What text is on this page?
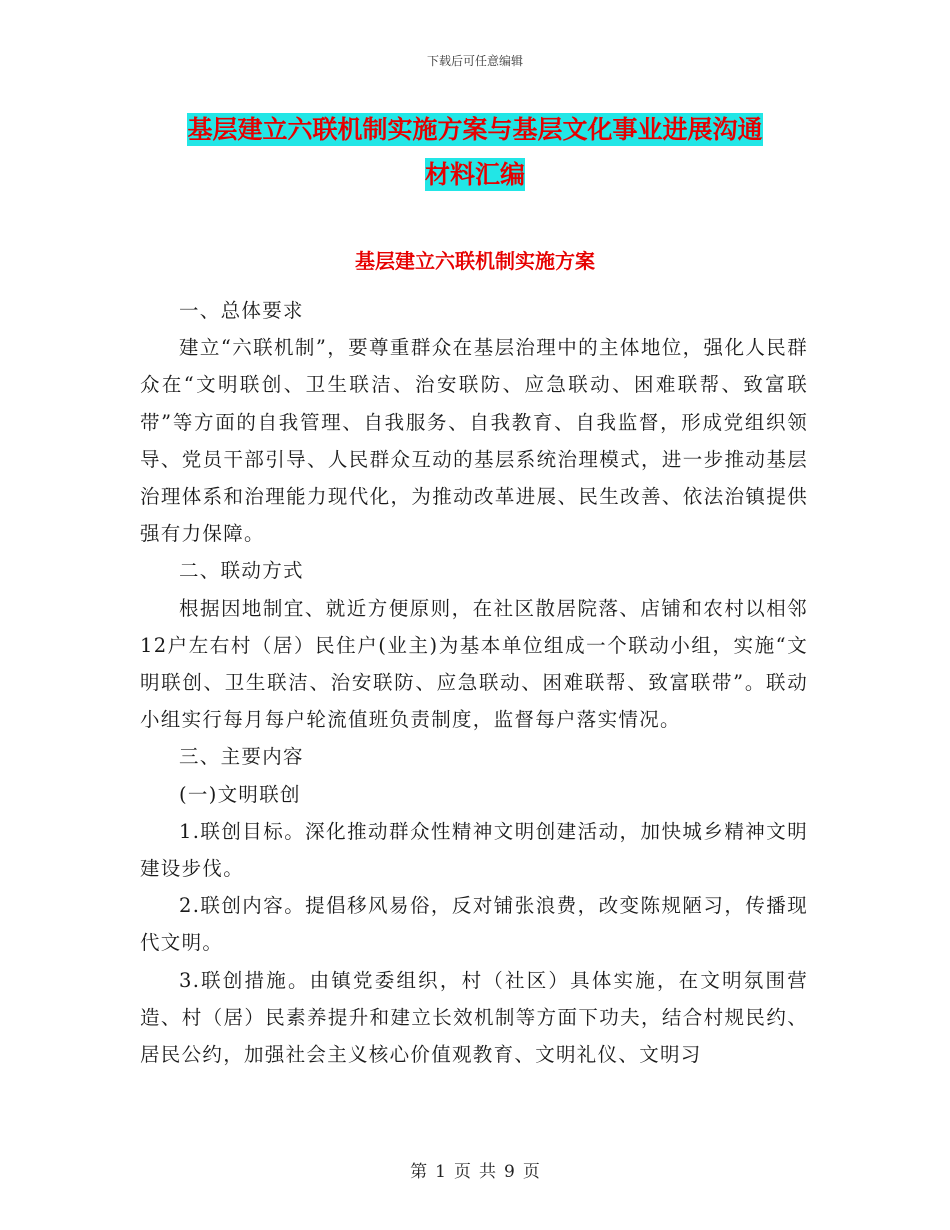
下载后可任意编辑
基层建立六联机制实施方案与基层文化事业进展沟通
材料汇编
基层建立六联机制实施方案

一、总体要求

建立“六联机制”，要尊重群众在基层治理中的主体地位，强化人民群众在“文明联创、卫生联洁、治安联防、应急联动、困难联帮、致富联带”等方面的自我管理、自我服务、自我教育、自我监督，形成党组织领导、党员干部引导、人民群众互动的基层系统治理模式，进一步推动基层治理体系和治理能力现代化，为推动改革进展、民生改善、依法治镇提供强有力保障。

二、联动方式

根据因地制宜、就近方便原则，在社区散居院落、店铺和农村以相邻12户左右村（居）民住户(业主)为基本单位组成一个联动小组，实施“文明联创、卫生联洁、治安联防、应急联动、困难联帮、致富联带”。联动小组实行每月每户轮流值班负责制度，监督每户落实情况。

三、主要内容

(一)文明联创

1.联创目标。深化推动群众性精神文明创建活动，加快城乡精神文明建设步伐。

2.联创内容。提倡移风易俗，反对铺张浪费，改变陈规陋习，传播现代文明。

3.联创措施。由镇党委组织，村（社区）具体实施，在文明氛围营造、村（居）民素养提升和建立长效机制等方面下功夫，结合村规民约、居民公约，加强社会主义核心价值观教育、文明礼仪、文明习

第 1 页 共 9 页
